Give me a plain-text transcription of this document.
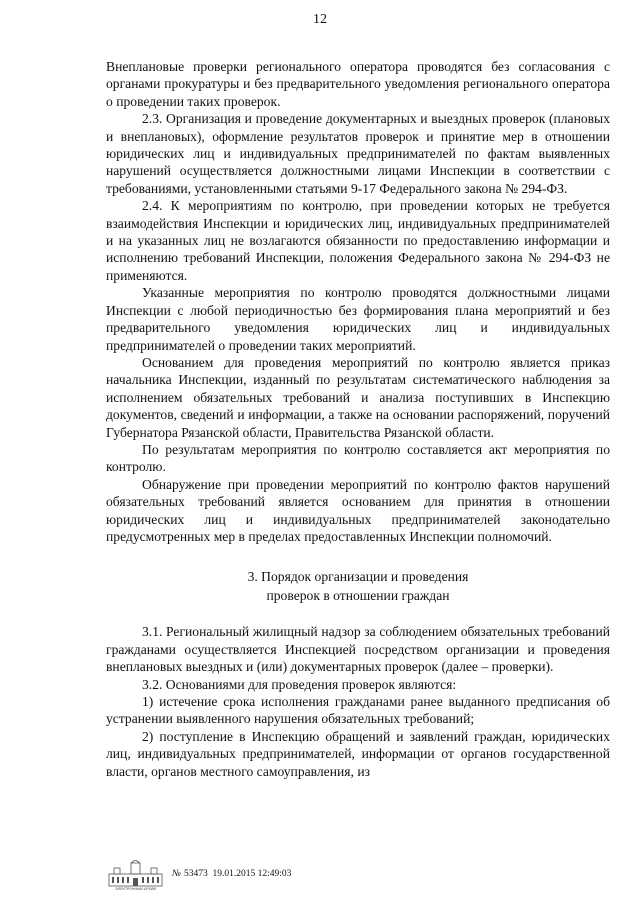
12

Внеплановые проверки регионального оператора проводятся без согласования с органами прокуратуры и без предварительного уведомления регионального оператора о проведении таких проверок.

2.3. Организация и проведение документарных и выездных проверок (плановых и внеплановых), оформление результатов проверок и принятие мер в отношении юридических лиц и индивидуальных предпринимателей по фактам выявленных нарушений осуществляется должностными лицами Инспекции в соответствии с требованиями, установленными статьями 9-17 Федерального закона № 294-ФЗ.

2.4. К мероприятиям по контролю, при проведении которых не требуется взаимодействия Инспекции и юридических лиц, индивидуальных предпринимателей и на указанных лиц не возлагаются обязанности по предоставлению информации и исполнению требований Инспекции, положения Федерального закона № 294-ФЗ не применяются.

Указанные мероприятия по контролю проводятся должностными лицами Инспекции с любой периодичностью без формирования плана мероприятий и без предварительного уведомления юридических лиц и индивидуальных предпринимателей о проведении таких мероприятий.

Основанием для проведения мероприятий по контролю является приказ начальника Инспекции, изданный по результатам систематического наблюдения за исполнением обязательных требований и анализа поступивших в Инспекцию документов, сведений и информации, а также на основании распоряжений, поручений Губернатора Рязанской области, Правительства Рязанской области.

По результатам мероприятия по контролю составляется акт мероприятия по контролю.

Обнаружение при проведении мероприятий по контролю фактов нарушений обязательных требований является основанием для принятия в отношении юридических лиц и индивидуальных предпринимателей законодательно предусмотренных мер в пределах предоставленных Инспекции полномочий.

3. Порядок организации и проведения
проверок в отношении граждан

3.1. Региональный жилищный надзор за соблюдением обязательных требований гражданами осуществляется Инспекцией посредством организации и проведения внеплановых выездных и (или) документарных проверок (далее – проверки).

3.2. Основаниями для проведения проверок являются:

1) истечение срока исполнения гражданами ранее выданного предписания об устранении выявленного нарушения обязательных требований;

2) поступление в Инспекцию обращений и заявлений граждан, юридических лиц, индивидуальных предпринимателей, информации от органов государственной власти, органов местного самоуправления, из

ЭЛЕКТРОННЫЙ АРХИВ
№ 53473 19.01.2015 12:49:03
